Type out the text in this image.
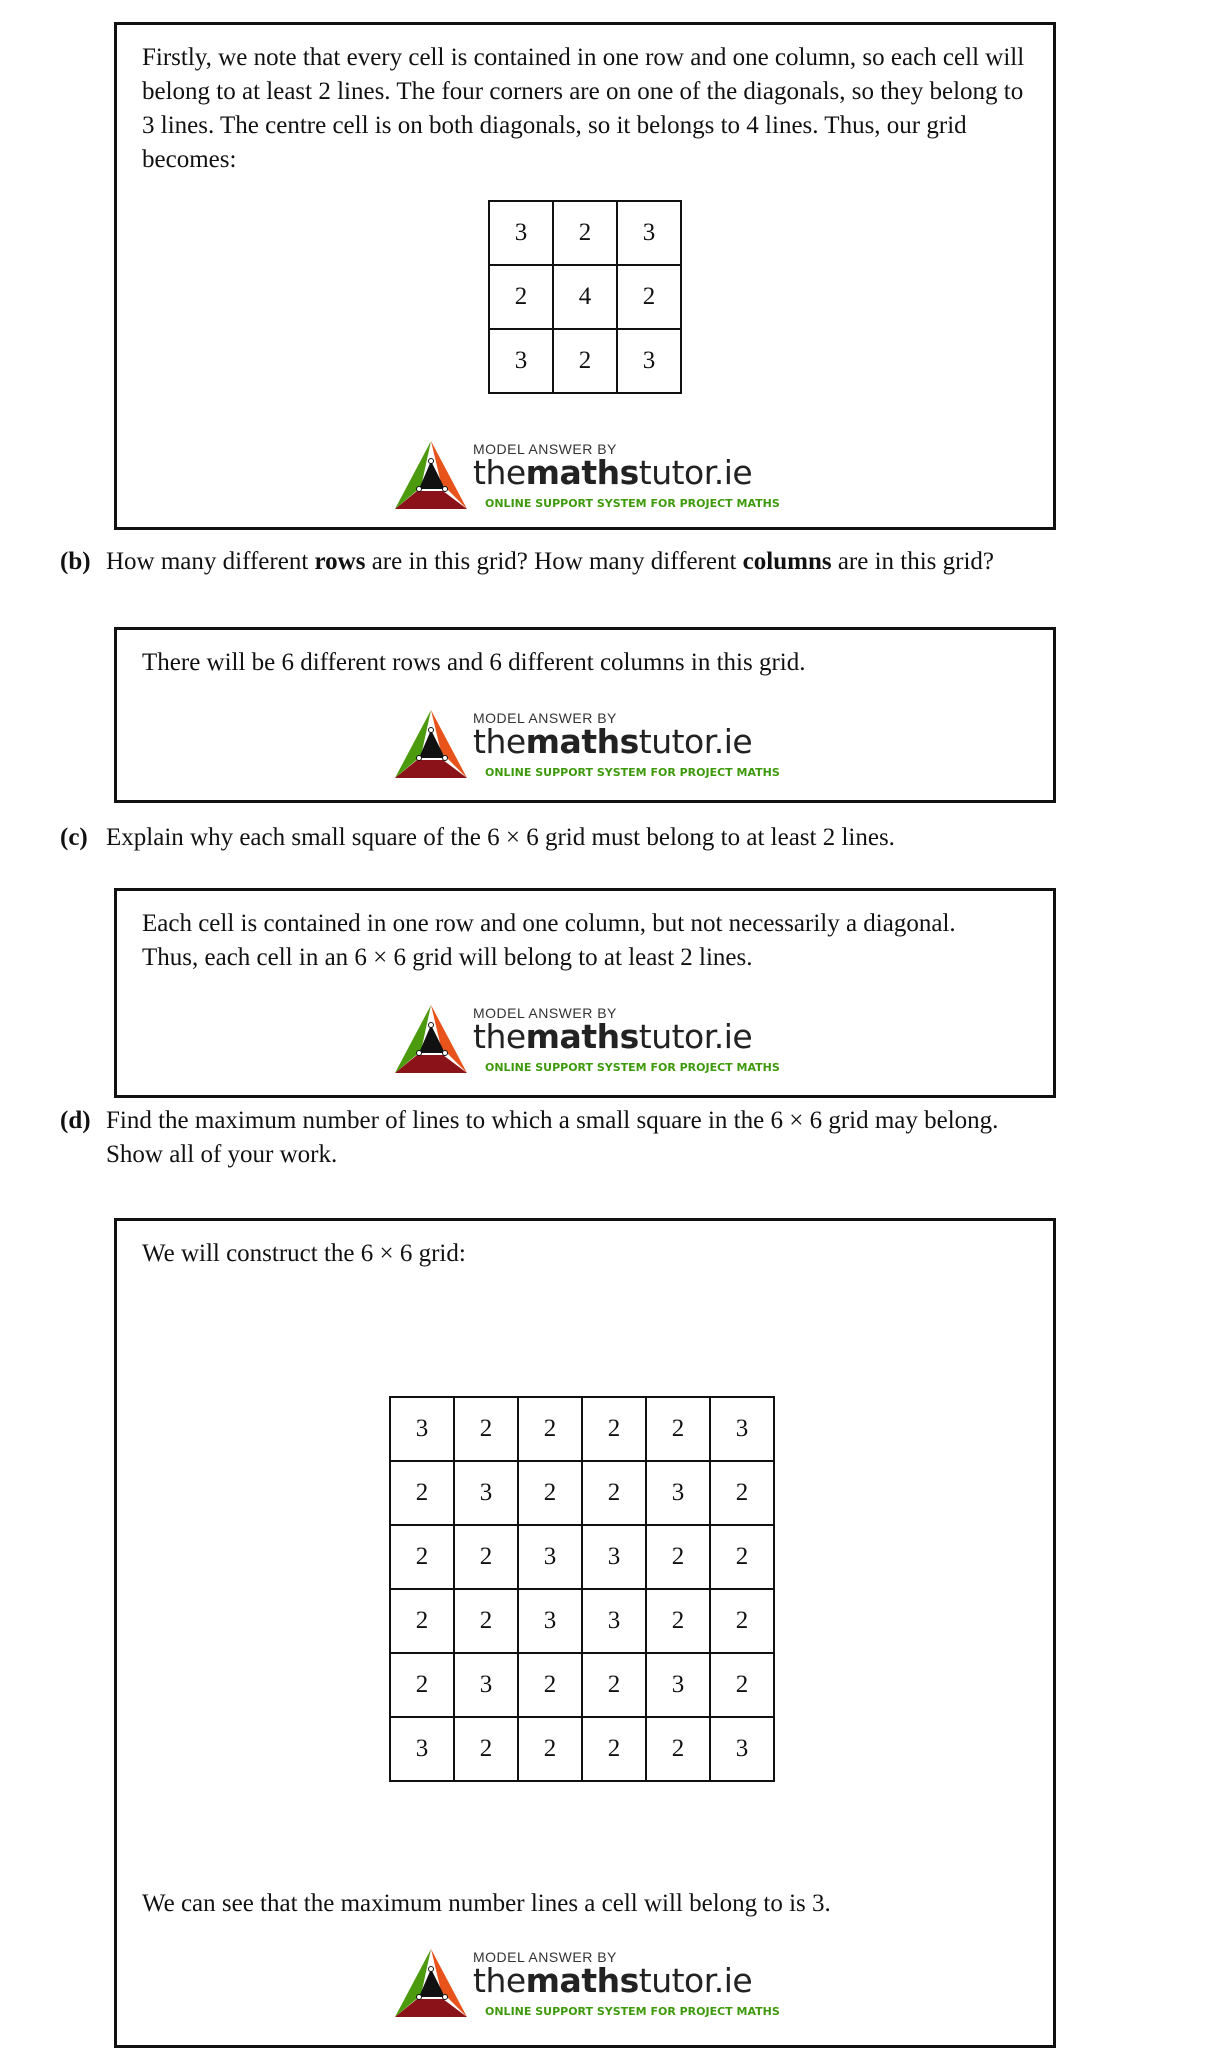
Firstly, we note that every cell is contained in one row and one column, so each cell will belong to at least 2 lines. The four corners are on one of the diagonals, so they belong to 3 lines. The centre cell is on both diagonals, so it belongs to 4 lines. Thus, our grid becomes:

3	2	3
2	4	2
3	2	3
MODEL ANSWER BY
themathstutor.ie
ONLINE SUPPORT SYSTEM FOR PROJECT MATHS

(b) How many different rows are in this grid? How many different columns are in this grid?

There will be 6 different rows and 6 different columns in this grid.

MODEL ANSWER BY
themathstutor.ie
ONLINE SUPPORT SYSTEM FOR PROJECT MATHS

(c) Explain why each small square of the 6 × 6 grid must belong to at least 2 lines.

Each cell is contained in one row and one column, but not necessarily a diagonal.

Thus, each cell in an 6 × 6 grid will belong to at least 2 lines.

MODEL ANSWER BY
themathstutor.ie
ONLINE SUPPORT SYSTEM FOR PROJECT MATHS

(d) Find the maximum number of lines to which a small square in the 6 × 6 grid may belong.
Show all of your work.

We will construct the 6 × 6 grid:

3	2	2	2	2	3
2	3	2	2	3	2
2	2	3	3	2	2
2	2	3	3	2	2
2	3	2	2	3	2
3	2	2	2	2	3

We can see that the maximum number lines a cell will belong to is 3.

MODEL ANSWER BY
themathstutor.ie
ONLINE SUPPORT SYSTEM FOR PROJECT MATHS
